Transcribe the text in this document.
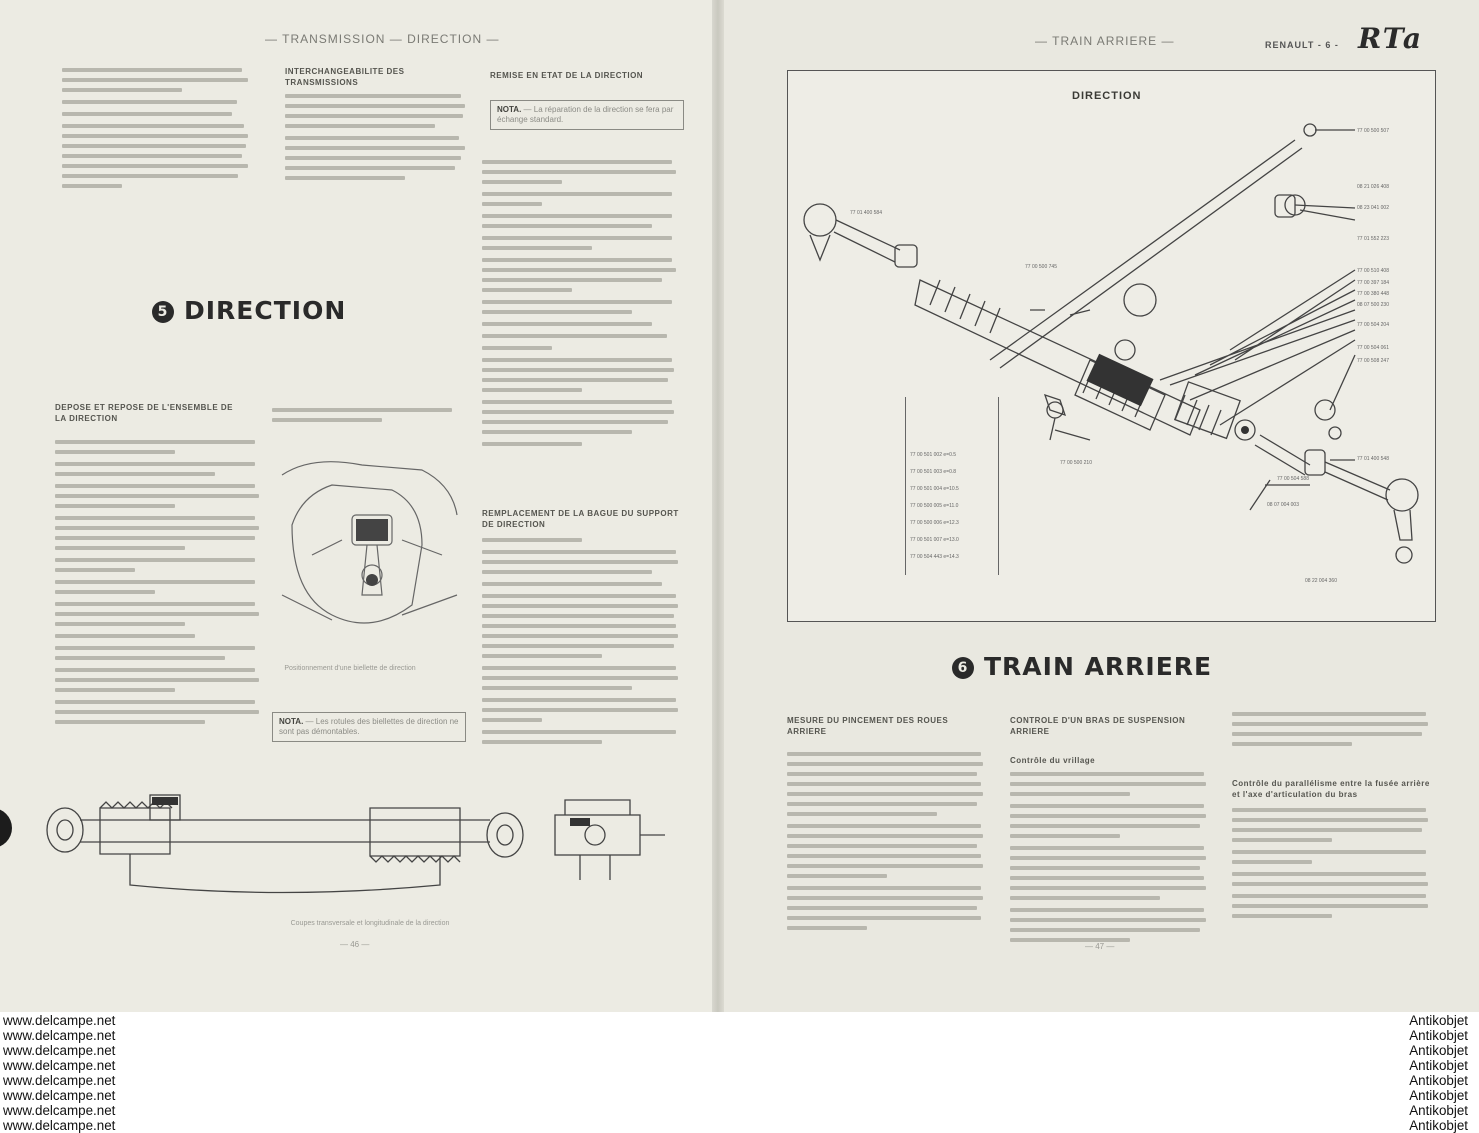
— TRANSMISSION — DIRECTION —
INTERCHANGEABILITE DES TRANSMISSIONS
REMISE EN ETAT DE LA DIRECTION
NOTA. — La réparation de la direction se fera par échange standard.
5 DIRECTION
DEPOSE ET REPOSE DE L'ENSEMBLE DE LA DIRECTION
Positionnement d'une biellette de direction
NOTA. — Les rotules des biellettes de direction ne sont pas démontables.
REMPLACEMENT DE LA BAGUE DU SUPPORT DE DIRECTION
Coupes transversale et longitudinale de la direction
— 46 —
— TRAIN ARRIERE —	RENAULT - 6 - RTa
DIRECTION
77 00 500 507
08 21 026 408
08 23 041 002
77 01 552 223
77 00 510 408
77 00 397 184
77 00 380 448
08 07 500 230
77 00 504 204
77 00 504 061
77 00 508 247
77 01 400 548
08 22 004 360
77 00 500 210
77 00 504 588
08 07 004 003
77 00 500 745
77 01 400 584
77 00 501 002 e=0.5
77 00 501 003 e=0.8
77 00 501 004 e=10.5
77 00 500 005 e=11.0
77 00 500 006 e=12.3
77 00 501 007 e=13.0
77 00 504 443 e=14.3
6 TRAIN ARRIERE
MESURE DU PINCEMENT DES ROUES ARRIERE
CONTROLE D'UN BRAS DE SUSPENSION ARRIERE
Contrôle du vrillage
Contrôle du parallélisme entre la fusée arrière et l'axe d'articulation du bras
— 47 —
www.delcampe.net
www.delcampe.net
www.delcampe.net
www.delcampe.net
www.delcampe.net
www.delcampe.net
www.delcampe.net
www.delcampe.net
Antikobjet
Antikobjet
Antikobjet
Antikobjet
Antikobjet
Antikobjet
Antikobjet
Antikobjet
